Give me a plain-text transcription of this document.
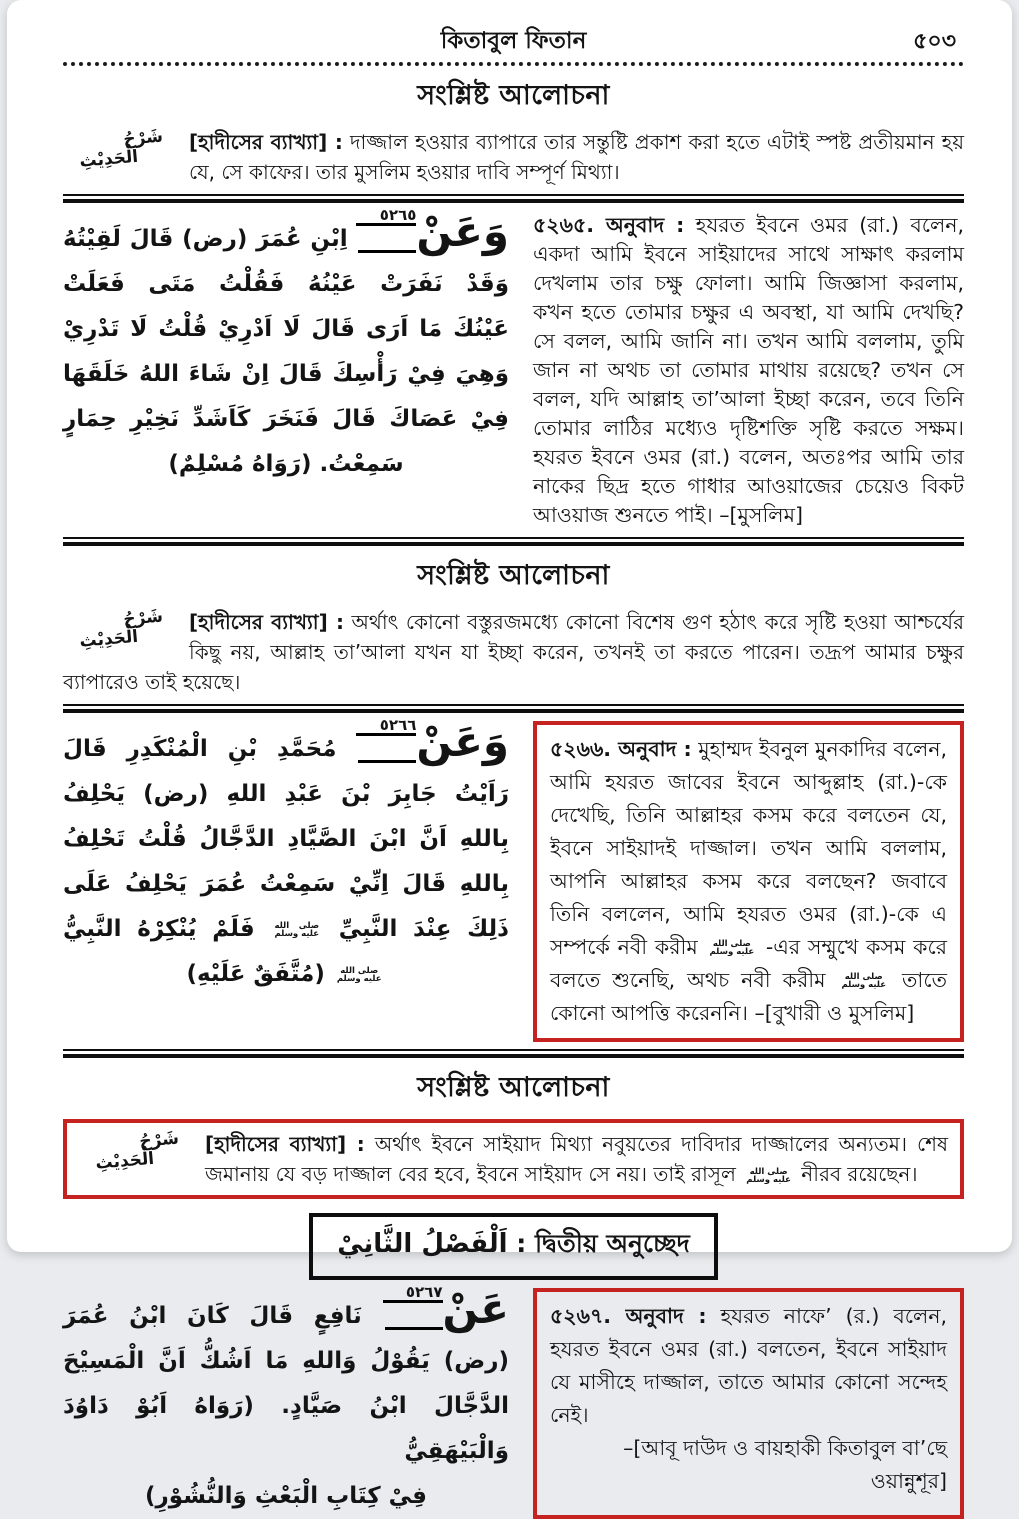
কিতাবুল ফিতান	৫০৩
সংশ্লিষ্ট আলোচনা
شَرْحُ
الْحَدِيْثِ
[হাদীসের ব্যাখ্যা] : দাজ্জাল হওয়ার ব্যাপারে তার সন্তুষ্টি প্রকাশ করা হতে এটাই স্পষ্ট প্রতীয়মান হয় যে, সে কাফের। তার মুসলিম হওয়ার দাবি সম্পূর্ণ মিথ্যা।
٥٢٦٥ وَعَنْ
اِبْنِ عُمَرَ (رض) قَالَ لَقِيْتُهُ
وَقَدْ نَفَرَتْ عَيْنُهُ فَقُلْتُ مَتَى فَعَلَتْ
عَيْنُكَ مَا اَرَى قَالَ لَا اَدْرِيْ قُلْتُ لَا تَدْرِيْ
وَهِيَ فِيْ رَأْسِكَ قَالَ اِنْ شَاءَ اللهُ خَلَقَهَا
فِيْ عَصَاكَ قَالَ فَنَخَرَ كَاَشَدِّ نَخِيْرِ حِمَارٍ
سَمِعْتُ. (رَوَاهُ مُسْلِمٌ)
৫২৬৫. অনুবাদ : হযরত ইবনে ওমর (রা.) বলেন, একদা আমি ইবনে সাইয়াদের সাথে সাক্ষাৎ করলাম দেখলাম তার চক্ষু ফোলা। আমি জিজ্ঞাসা করলাম, কখন হতে তোমার চক্ষুর এ অবস্থা, যা আমি দেখছি? সে বলল, আমি জানি না। তখন আমি বললাম, তুমি জান না অথচ তা তোমার মাথায় রয়েছে? তখন সে বলল, যদি আল্লাহ তা’আলা ইচ্ছা করেন, তবে তিনি তোমার লাঠির মধ্যেও দৃষ্টিশক্তি সৃষ্টি করতে সক্ষম। হযরত ইবনে ওমর (রা.) বলেন, অতঃপর আমি তার নাকের ছিদ্র হতে গাধার আওয়াজের চেয়েও বিকট আওয়াজ শুনতে পাই। –[মুসলিম]
সংশ্লিষ্ট আলোচনা
شَرْحُ
الْحَدِيْثِ
[হাদীসের ব্যাখ্যা] : অর্থাৎ কোনো বস্তুরজমধ্যে কোনো বিশেষ গুণ হঠাৎ করে সৃষ্টি হওয়া আশ্চর্যের কিছু নয়, আল্লাহ তা’আলা যখন যা ইচ্ছা করেন, তখনই তা করতে পারেন। তদ্রূপ আমার চক্ষুর ব্যাপারেও তাই হয়েছে।
٥٢٦٦ وَعَنْ
مُحَمَّدِ بْنِ الْمُنْكَدِرِ قَالَ
رَاَيْتُ جَابِرَ بْنَ عَبْدِ اللهِ (رض) يَحْلِفُ
بِاللهِ اَنَّ ابْنَ الصَّيَّادِ الدَّجَّالُ قُلْتُ تَحْلِفُ
بِاللهِ قَالَ اِنِّيْ سَمِعْتُ عُمَرَ يَحْلِفُ عَلَى
ذَلِكَ عِنْدَ النَّبِيِّ
صلى الله
عليه وسلم
فَلَمْ يُنْكِرْهُ النَّبِيُّ
صلى الله
عليه وسلم
(مُتَّفَقٌ عَلَيْهِ)
৫২৬৬. অনুবাদ : মুহাম্মদ ইবনুল মুনকাদির বলেন, আমি হযরত জাবের ইবনে আব্দুল্লাহ (রা.)-কে দেখেছি, তিনি আল্লাহর কসম করে বলতেন যে, ইবনে সাইয়াদই দাজ্জাল। তখন আমি বললাম, আপনি আল্লাহর কসম করে বলছেন? জবাবে তিনি বললেন, আমি হযরত ওমর (রা.)-কে এ সম্পর্কে নবী করীম	صلى الله
عليه وسلم -এর সম্মুখে কসম করে বলতে শুনেছি, অথচ নবী করীম	صلى الله
عليه وسلم তাতে কোনো আপত্তি করেননি। –[বুখারী ও মুসলিম]
সংশ্লিষ্ট আলোচনা
شَرْحُ
الْحَدِيْثِ
[হাদীসের ব্যাখ্যা] : অর্থাৎ ইবনে সাইয়াদ মিথ্যা নবুয়তের দাবিদার দাজ্জালের অন্যতম। শেষ জমানায় যে বড় দাজ্জাল বের হবে, ইবনে সাইয়াদ সে নয়। তাই রাসূল	صلى الله
عليه وسلم নীরব রয়েছেন।
اَلْفَصْلُ الثَّانِيْ : দ্বিতীয় অনুচ্ছেদ
٥٢٦٧ عَنْ
نَافِعٍ قَالَ كَانَ ابْنُ عُمَرَ
(رض) يَقُوْلُ وَاللهِ مَا اَشُكُّ اَنَّ الْمَسِيْحَ
الدَّجَّالَ ابْنُ صَيَّادٍ. (رَوَاهُ اَبُوْ دَاوُدَ وَالْبَيْهَقِيُّ
فِيْ كِتَابِ الْبَعْثِ وَالنُّشُوْرِ)
৫২৬৭. অনুবাদ : হযরত নাফে’ (র.) বলেন, হযরত ইবনে ওমর (রা.) বলতেন, ইবনে সাইয়াদ যে মাসীহে দাজ্জাল, তাতে আমার কোনো সন্দেহ নেই।
–[আবূ দাউদ ও বায়হাকী কিতাবুল বা’ছে ওয়ান্নুশূর]
